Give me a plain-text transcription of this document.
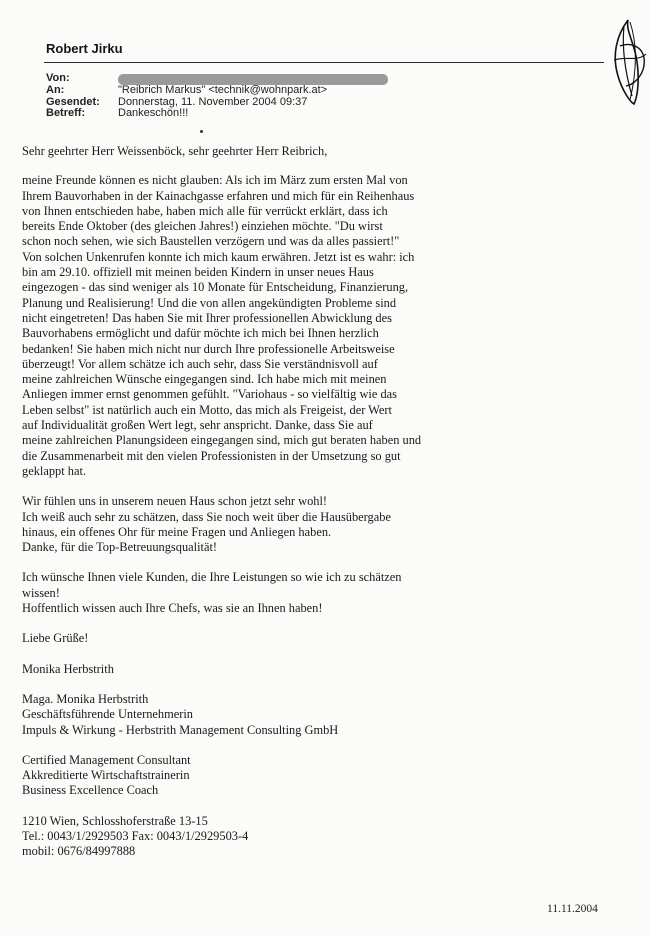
Robert Jirku
Von:
An:	"Reibrich Markus" <technik@wohnpark.at>
Gesendet:	Donnerstag, 11. November 2004 09:37
Betreff:	Dankeschön!!!
Sehr geehrter Herr Weissenböck, sehr geehrter Herr Reibrich,
meine Freunde können es nicht glauben: Als ich im März zum ersten Mal von
Ihrem Bauvorhaben in der Kainachgasse erfahren und mich für ein Reihenhaus
von Ihnen entschieden habe, haben mich alle für verrückt erklärt, dass ich
bereits Ende Oktober (des gleichen Jahres!) einziehen möchte. "Du wirst
schon noch sehen, wie sich Baustellen verzögern und was da alles passiert!"
Von solchen Unkenrufen konnte ich mich kaum erwähren. Jetzt ist es wahr: ich
bin am 29.10. offiziell mit meinen beiden Kindern in unser neues Haus
eingezogen - das sind weniger als 10 Monate für Entscheidung, Finanzierung,
Planung und Realisierung! Und die von allen angekündigten Probleme sind
nicht eingetreten! Das haben Sie mit Ihrer professionellen Abwicklung des
Bauvorhabens ermöglicht und dafür möchte ich mich bei Ihnen herzlich
bedanken! Sie haben mich nicht nur durch Ihre professionelle Arbeitsweise
überzeugt! Vor allem schätze ich auch sehr, dass Sie verständnisvoll auf
meine zahlreichen Wünsche eingegangen sind. Ich habe mich mit meinen
Anliegen immer ernst genommen gefühlt. "Variohaus - so vielfältig wie das
Leben selbst" ist natürlich auch ein Motto, das mich als Freigeist, der Wert
auf Individualität großen Wert legt, sehr anspricht. Danke, dass Sie auf
meine zahlreichen Planungsideen eingegangen sind, mich gut beraten haben und
die Zusammenarbeit mit den vielen Professionisten in der Umsetzung so gut
geklappt hat.
Wir fühlen uns in unserem neuen Haus schon jetzt sehr wohl!
Ich weiß auch sehr zu schätzen, dass Sie noch weit über die Hausübergabe
hinaus, ein offenes Ohr für meine Fragen und Anliegen haben.
Danke, für die Top-Betreuungsqualität!
Ich wünsche Ihnen viele Kunden, die Ihre Leistungen so wie ich zu schätzen
wissen!
Hoffentlich wissen auch Ihre Chefs, was sie an Ihnen haben!
Liebe Grüße!
Monika Herbstrith
Maga. Monika Herbstrith
Geschäftsführende Unternehmerin
Impuls & Wirkung - Herbstrith Management Consulting GmbH
Certified Management Consultant
Akkreditierte Wirtschaftstrainerin
Business Excellence Coach
1210 Wien, Schlosshoferstraße 13-15
Tel.: 0043/1/2929503 Fax: 0043/1/2929503-4
mobil: 0676/84997888
11.11.2004
